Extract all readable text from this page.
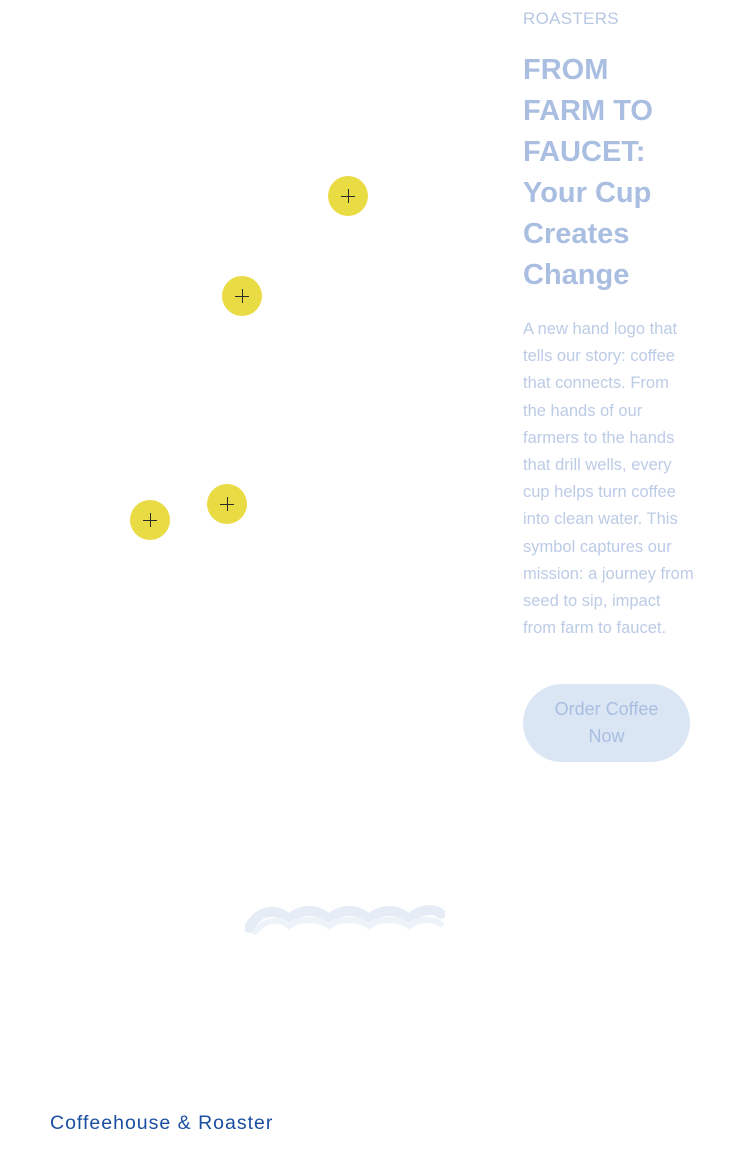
ROASTERS
FROM FARM TO FAUCET: Your Cup Creates Change

A new hand logo that tells our story: coffee that connects. From the hands of our farmers to the hands that drill wells, every cup helps turn coffee into clean water. This symbol captures our mission: a journey from seed to sip, impact from farm to faucet.

Order Coffee Now
Coffeehouse & Roaster
